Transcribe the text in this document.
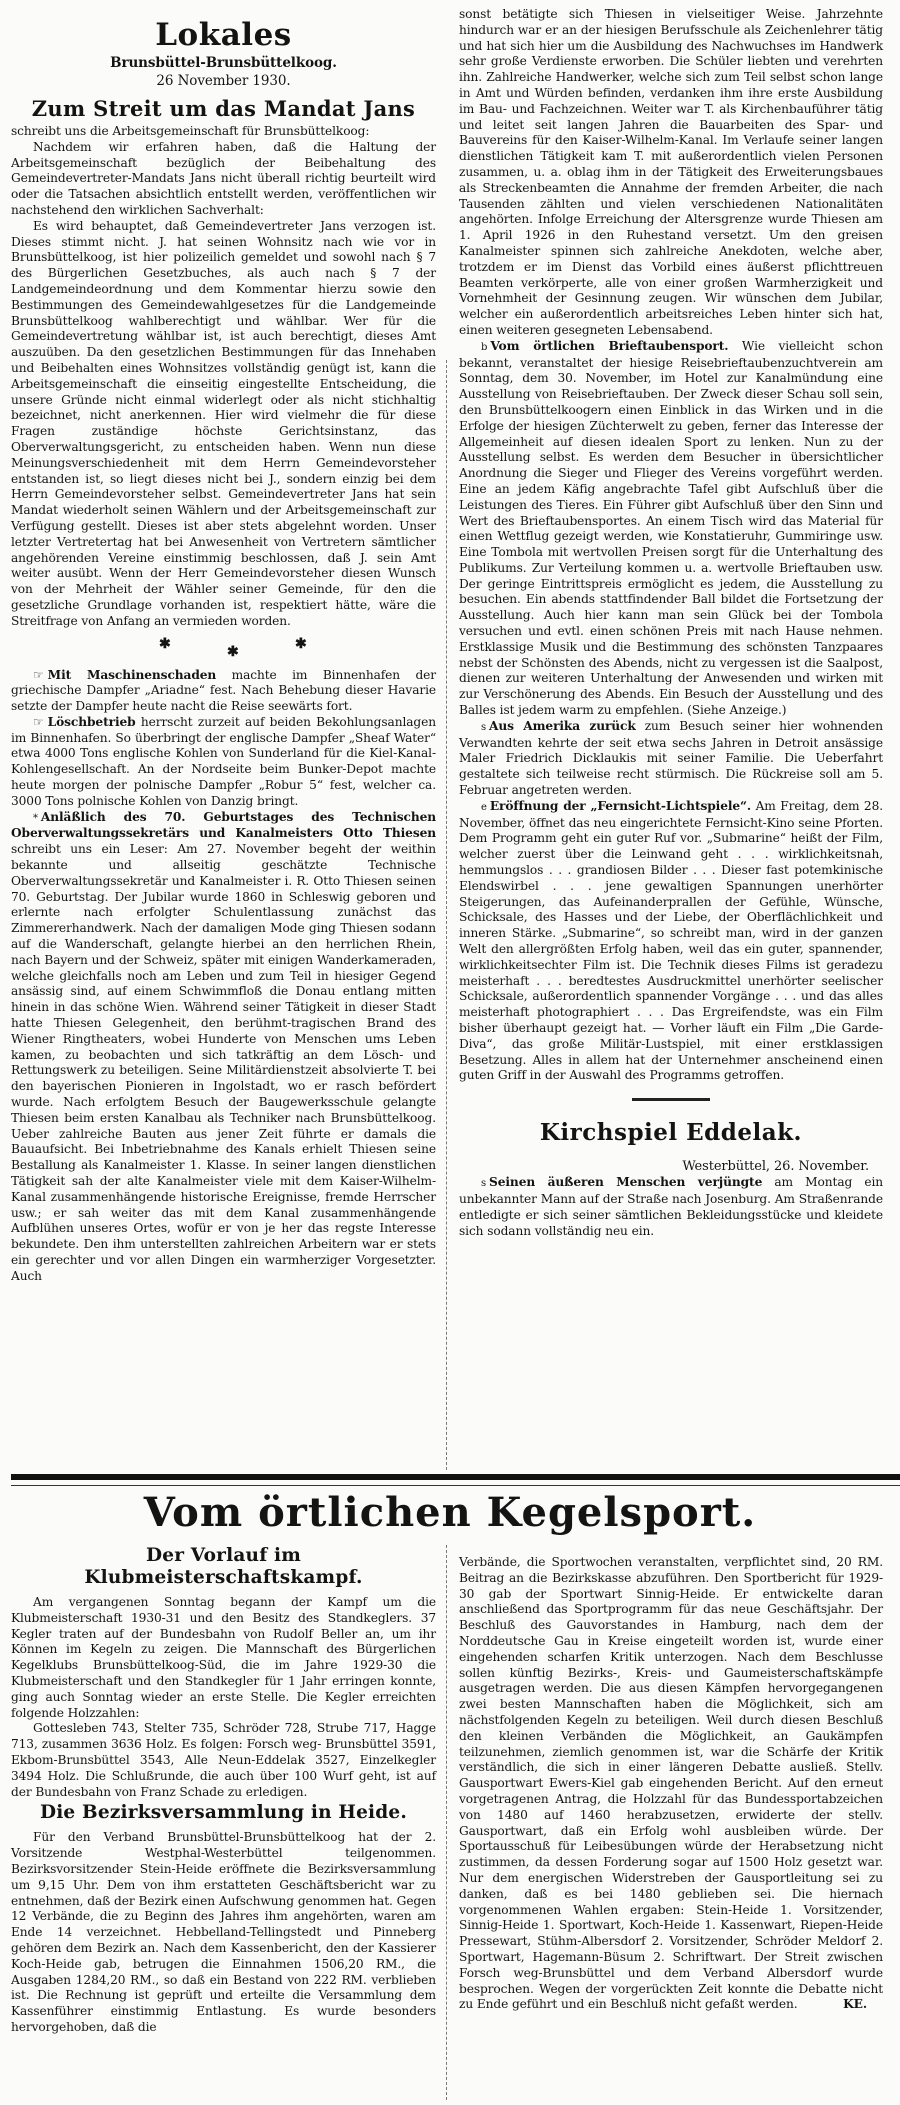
Lokales
Brunsbüttel-Brunsbüttelkoog.
26 November 1930.
Zum Streit um das Mandat Jans

schreibt uns die Arbeitsgemeinschaft für Brunsbüttelkoog:

Nachdem wir erfahren haben, daß die Haltung der Arbeitsgemeinschaft bezüglich der Beibehaltung des Gemeindevertreter-Mandats Jans nicht überall richtig beurteilt wird oder die Tatsachen absichtlich entstellt werden, veröffentlichen wir nachstehend den wirklichen Sachverhalt:

Es wird behauptet, daß Gemeindevertreter Jans verzogen ist. Dieses stimmt nicht. J. hat seinen Wohnsitz nach wie vor in Brunsbüttelkoog, ist hier polizeilich gemeldet und sowohl nach § 7 des Bürgerlichen Gesetzbuches, als auch nach § 7 der Landgemeindeordnung und dem Kommentar hierzu sowie den Bestimmungen des Gemeindewahlgesetzes für die Landgemeinde Brunsbüttelkoog wahlberechtigt und wählbar. Wer für die Gemeindevertretung wählbar ist, ist auch berechtigt, dieses Amt auszuüben. Da den gesetzlichen Bestimmungen für das Innehaben und Beibehalten eines Wohnsitzes vollständig genügt ist, kann die Arbeitsgemeinschaft die einseitig eingestellte Entscheidung, die unsere Gründe nicht einmal widerlegt oder als nicht stichhaltig bezeichnet, nicht anerkennen. Hier wird vielmehr die für diese Fragen zuständige höchste Gerichtsinstanz, das Oberverwaltungsgericht, zu entscheiden haben. Wenn nun diese Meinungsverschiedenheit mit dem Herrn Gemeindevorsteher entstanden ist, so liegt dieses nicht bei J., sondern einzig bei dem Herrn Gemeindevorsteher selbst. Gemeindevertreter Jans hat sein Mandat wiederholt seinen Wählern und der Arbeitsgemeinschaft zur Verfügung gestellt. Dieses ist aber stets abgelehnt worden. Unser letzter Vertretertag hat bei Anwesenheit von Vertretern sämtlicher angehörenden Vereine einstimmig beschlossen, daß J. sein Amt weiter ausübt. Wenn der Herr Gemeindevorsteher diesen Wunsch von der Mehrheit der Wähler seiner Gemeinde, für den die gesetzliche Grundlage vorhanden ist, respektiert hätte, wäre die Streitfrage von Anfang an vermieden worden.

✱	✱	✱

☞ Mit Maschinenschaden machte im Binnenhafen der griechische Dampfer „Ariadne“ fest. Nach Behebung dieser Havarie setzte der Dampfer heute nacht die Reise seewärts fort.

☞ Löschbetrieb herrscht zurzeit auf beiden Bekohlungsanlagen im Binnenhafen. So überbringt der englische Dampfer „Sheaf Water“ etwa 4000 Tons englische Kohlen von Sunderland für die Kiel-Kanal-Kohlengesellschaft. An der Nordseite beim Bunker-Depot machte heute morgen der polnische Dampfer „Robur 5“ fest, welcher ca. 3000 Tons polnische Kohlen von Danzig bringt.

* Anläßlich des 70. Geburtstages des Technischen Oberverwaltungssekretärs und Kanalmeisters Otto Thiesen schreibt uns ein Leser: Am 27. November begeht der weithin bekannte und allseitig geschätzte Technische Oberverwaltungssekretär und Kanalmeister i. R. Otto Thiesen seinen 70. Geburtstag. Der Jubilar wurde 1860 in Schleswig geboren und erlernte nach erfolgter Schulentlassung zunächst das Zimmererhandwerk. Nach der damaligen Mode ging Thiesen sodann auf die Wanderschaft, gelangte hierbei an den herrlichen Rhein, nach Bayern und der Schweiz, später mit einigen Wanderkameraden, welche gleichfalls noch am Leben und zum Teil in hiesiger Gegend ansässig sind, auf einem Schwimmfloß die Donau entlang mitten hinein in das schöne Wien. Während seiner Tätigkeit in dieser Stadt hatte Thiesen Gelegenheit, den berühmt-tragischen Brand des Wiener Ringtheaters, wobei Hunderte von Menschen ums Leben kamen, zu beobachten und sich tatkräftig an dem Lösch- und Rettungswerk zu beteiligen. Seine Militärdienstzeit absolvierte T. bei den bayerischen Pionieren in Ingolstadt, wo er rasch befördert wurde. Nach erfolgtem Besuch der Baugewerksschule gelangte Thiesen beim ersten Kanalbau als Techniker nach Brunsbüttelkoog. Ueber zahlreiche Bauten aus jener Zeit führte er damals die Bauaufsicht. Bei Inbetriebnahme des Kanals erhielt Thiesen seine Bestallung als Kanalmeister 1. Klasse. In seiner langen dienstlichen Tätigkeit sah der alte Kanalmeister viele mit dem Kaiser-Wilhelm-Kanal zusammenhängende historische Ereignisse, fremde Herrscher usw.; er sah weiter das mit dem Kanal zusammenhängende Aufblühen unseres Ortes, wofür er von je her das regste Interesse bekundete. Den ihm unterstellten zahlreichen Arbeitern war er stets ein gerechter und vor allen Dingen ein warmherziger Vorgesetzter. Auch

sonst betätigte sich Thiesen in vielseitiger Weise. Jahrzehnte hindurch war er an der hiesigen Berufsschule als Zeichenlehrer tätig und hat sich hier um die Ausbildung des Nachwuchses im Handwerk sehr große Verdienste erworben. Die Schüler liebten und verehrten ihn. Zahlreiche Handwerker, welche sich zum Teil selbst schon lange in Amt und Würden befinden, verdanken ihm ihre erste Ausbildung im Bau- und Fachzeichnen. Weiter war T. als Kirchenbauführer tätig und leitet seit langen Jahren die Bauarbeiten des Spar- und Bauvereins für den Kaiser-Wilhelm-Kanal. Im Verlaufe seiner langen dienstlichen Tätigkeit kam T. mit außerordentlich vielen Personen zusammen, u. a. oblag ihm in der Tätigkeit des Erweiterungsbaues als Streckenbeamten die Annahme der fremden Arbeiter, die nach Tausenden zählten und vielen verschiedenen Nationalitäten angehörten. Infolge Erreichung der Altersgrenze wurde Thiesen am 1. April 1926 in den Ruhestand versetzt. Um den greisen Kanalmeister spinnen sich zahlreiche Anekdoten, welche aber, trotzdem er im Dienst das Vorbild eines äußerst pflichttreuen Beamten verkörperte, alle von einer großen Warmherzigkeit und Vornehmheit der Gesinnung zeugen. Wir wünschen dem Jubilar, welcher ein außerordentlich arbeitsreiches Leben hinter sich hat, einen weiteren gesegneten Lebensabend.

b Vom örtlichen Brieftaubensport. Wie vielleicht schon bekannt, veranstaltet der hiesige Reisebrieftaubenzuchtverein am Sonntag, dem 30. November, im Hotel zur Kanalmündung eine Ausstellung von Reisebrieftauben. Der Zweck dieser Schau soll sein, den Brunsbüttelkoogern einen Einblick in das Wirken und in die Erfolge der hiesigen Züchterwelt zu geben, ferner das Interesse der Allgemeinheit auf diesen idealen Sport zu lenken. Nun zu der Ausstellung selbst. Es werden dem Besucher in übersichtlicher Anordnung die Sieger und Flieger des Vereins vorgeführt werden. Eine an jedem Käfig angebrachte Tafel gibt Aufschluß über die Leistungen des Tieres. Ein Führer gibt Aufschluß über den Sinn und Wert des Brieftaubensportes. An einem Tisch wird das Material für einen Wettflug gezeigt werden, wie Konstatieruhr, Gummiringe usw. Eine Tombola mit wertvollen Preisen sorgt für die Unterhaltung des Publikums. Zur Verteilung kommen u. a. wertvolle Brieftauben usw. Der geringe Eintrittspreis ermöglicht es jedem, die Ausstellung zu besuchen. Ein abends stattfindender Ball bildet die Fortsetzung der Ausstellung. Auch hier kann man sein Glück bei der Tombola versuchen und evtl. einen schönen Preis mit nach Hause nehmen. Erstklassige Musik und die Bestimmung des schönsten Tanzpaares nebst der Schönsten des Abends, nicht zu vergessen ist die Saalpost, dienen zur weiteren Unterhaltung der Anwesenden und wirken mit zur Verschönerung des Abends. Ein Besuch der Ausstellung und des Balles ist jedem warm zu empfehlen. (Siehe Anzeige.)

s Aus Amerika zurück zum Besuch seiner hier wohnenden Verwandten kehrte der seit etwa sechs Jahren in Detroit ansässige Maler Friedrich Dicklaukis mit seiner Familie. Die Ueberfahrt gestaltete sich teilweise recht stürmisch. Die Rückreise soll am 5. Februar angetreten werden.

e Eröffnung der „Fernsicht-Lichtspiele“. Am Freitag, dem 28. November, öffnet das neu eingerichtete Fernsicht-Kino seine Pforten. Dem Programm geht ein guter Ruf vor. „Submarine“ heißt der Film, welcher zuerst über die Leinwand geht . . . wirklichkeitsnah, hemmungslos . . . grandiosen Bilder . . . Dieser fast potemkinische Elendswirbel . . . jene gewaltigen Spannungen unerhörter Steigerungen, das Aufeinanderprallen der Gefühle, Wünsche, Schicksale, des Hasses und der Liebe, der Oberflächlichkeit und inneren Stärke. „Submarine“, so schreibt man, wird in der ganzen Welt den allergrößten Erfolg haben, weil das ein guter, spannender, wirklichkeitsechter Film ist. Die Technik dieses Films ist geradezu meisterhaft . . . beredtestes Ausdruckmittel unerhörter seelischer Schicksale, außerordentlich spannender Vorgänge . . . und das alles meisterhaft photographiert . . . Das Ergreifendste, was ein Film bisher überhaupt gezeigt hat. — Vorher läuft ein Film „Die Garde-Diva“, das große Militär-Lustspiel, mit einer erstklassigen Besetzung. Alles in allem hat der Unternehmer anscheinend einen guten Griff in der Auswahl des Programms getroffen.

Kirchspiel Eddelak.
Westerbüttel, 26. November.

s Seinen äußeren Menschen verjüngte am Montag ein unbekannter Mann auf der Straße nach Josenburg. Am Straßenrande entledigte er sich seiner sämtlichen Bekleidungsstücke und kleidete sich sodann vollständig neu ein.

Vom örtlichen Kegelsport.
Der Vorlauf im Klubmeisterschaftskampf.

Am vergangenen Sonntag begann der Kampf um die Klubmeisterschaft 1930-31 und den Besitz des Standkeglers. 37 Kegler traten auf der Bundesbahn von Rudolf Beller an, um ihr Können im Kegeln zu zeigen. Die Mannschaft des Bürgerlichen Kegelklubs Brunsbüttelkoog-Süd, die im Jahre 1929-30 die Klubmeisterschaft und den Standkegler für 1 Jahr erringen konnte, ging auch Sonntag wieder an erste Stelle. Die Kegler erreichten folgende Holzzahlen:

Gottesleben 743, Stelter 735, Schröder 728, Strube 717, Hagge 713, zusammen 3636 Holz. Es folgen: Forsch weg- Brunsbüttel 3591, Ekbom-Brunsbüttel 3543, Alle Neun-Eddelak 3527, Einzelkegler 3494 Holz. Die Schlußrunde, die auch über 100 Wurf geht, ist auf der Bundesbahn von Franz Schade zu erledigen.

Die Bezirksversammlung in Heide.

Für den Verband Brunsbüttel-Brunsbüttelkoog hat der 2. Vorsitzende Westphal-Westerbüttel teilgenommen. Bezirksvorsitzender Stein-Heide eröffnete die Bezirksversammlung um 9,15 Uhr. Dem von ihm erstatteten Geschäftsbericht war zu entnehmen, daß der Bezirk einen Aufschwung genommen hat. Gegen 12 Verbände, die zu Beginn des Jahres ihm angehörten, waren am Ende 14 verzeichnet. Hebbelland-Tellingstedt und Pinneberg gehören dem Bezirk an. Nach dem Kassenbericht, den der Kassierer Koch-Heide gab, betrugen die Einnahmen 1506,20 RM., die Ausgaben 1284,20 RM., so daß ein Bestand von 222 RM. verblieben ist. Die Rechnung ist geprüft und erteilte die Versammlung dem Kassenführer einstimmig Entlastung. Es wurde besonders hervorgehoben, daß die

Verbände, die Sportwochen veranstalten, verpflichtet sind, 20 RM. Beitrag an die Bezirkskasse abzuführen. Den Sportbericht für 1929-30 gab der Sportwart Sinnig-Heide. Er entwickelte daran anschließend das Sportprogramm für das neue Geschäftsjahr. Der Beschluß des Gauvorstandes in Hamburg, nach dem der Norddeutsche Gau in Kreise eingeteilt worden ist, wurde einer eingehenden scharfen Kritik unterzogen. Nach dem Beschlusse sollen künftig Bezirks-, Kreis- und Gaumeisterschaftskämpfe ausgetragen werden. Die aus diesen Kämpfen hervorgegangenen zwei besten Mannschaften haben die Möglichkeit, sich am nächstfolgenden Kegeln zu beteiligen. Weil durch diesen Beschluß den kleinen Verbänden die Möglichkeit, an Gaukämpfen teilzunehmen, ziemlich genommen ist, war die Schärfe der Kritik verständlich, die sich in einer längeren Debatte ausließ. Stellv. Gausportwart Ewers-Kiel gab eingehenden Bericht. Auf den erneut vorgetragenen Antrag, die Holzzahl für das Bundessportabzeichen von 1480 auf 1460 herabzusetzen, erwiderte der stellv. Gausportwart, daß ein Erfolg wohl ausbleiben würde. Der Sportausschuß für Leibesübungen würde der Herabsetzung nicht zustimmen, da dessen Forderung sogar auf 1500 Holz gesetzt war. Nur dem energischen Widerstreben der Gausportleitung sei zu danken, daß es bei 1480 geblieben sei. Die hiernach vorgenommenen Wahlen ergaben: Stein-Heide 1. Vorsitzender, Sinnig-Heide 1. Sportwart, Koch-Heide 1. Kassenwart, Riepen-Heide Pressewart, Stühm-Albersdorf 2. Vorsitzender, Schröder Meldorf 2. Sportwart, Hagemann-Büsum 2. Schriftwart. Der Streit zwischen Forsch weg-Brunsbüttel und dem Verband Albersdorf wurde besprochen. Wegen der vorgerückten Zeit konnte die Debatte nicht zu Ende geführt und ein Beschluß nicht gefaßt werden.	KE.
